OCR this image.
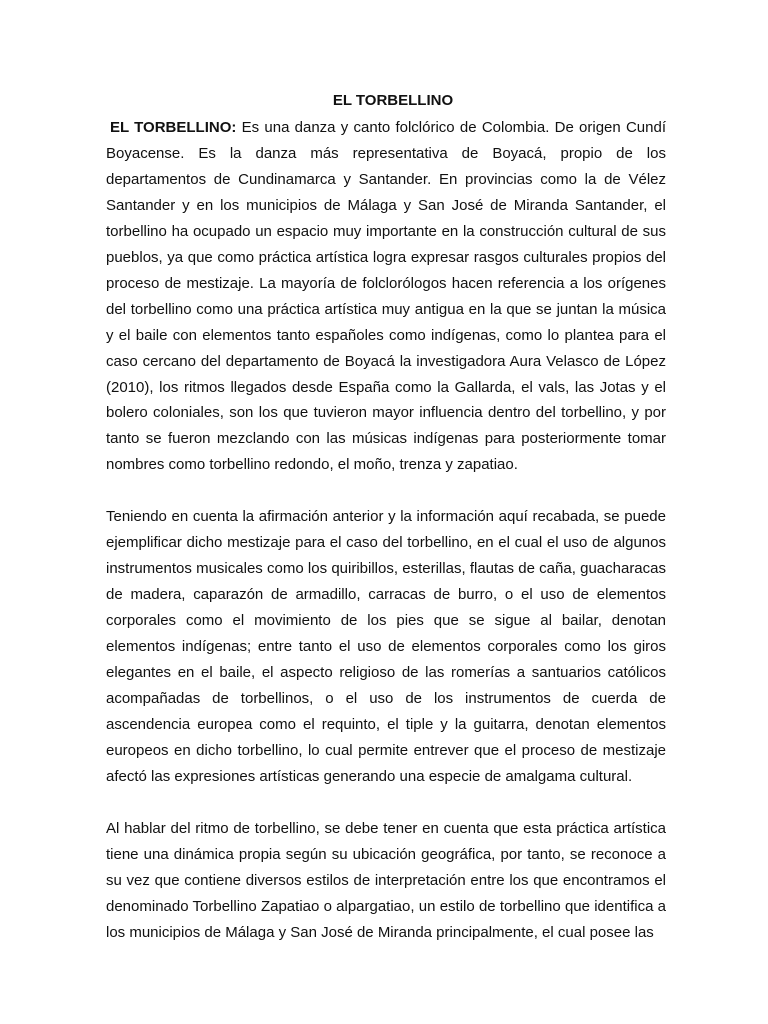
EL TORBELLINO

EL TORBELLINO: Es una danza y canto folclórico de Colombia. De origen Cundí Boyacense. Es la danza más representativa de Boyacá, propio de los departamentos de Cundinamarca y Santander. En provincias como la de Vélez Santander y en los municipios de Málaga y San José de Miranda Santander, el torbellino ha ocupado un espacio muy importante en la construcción cultural de sus pueblos, ya que como práctica artística logra expresar rasgos culturales propios del proceso de mestizaje. La mayoría de folclorólogos hacen referencia a los orígenes del torbellino como una práctica artística muy antigua en la que se juntan la música y el baile con elementos tanto españoles como indígenas, como lo plantea para el caso cercano del departamento de Boyacá la investigadora Aura Velasco de López (2010), los ritmos llegados desde España como la Gallarda, el vals, las Jotas y el bolero coloniales, son los que tuvieron mayor influencia dentro del torbellino, y por tanto se fueron mezclando con las músicas indígenas para posteriormente tomar nombres como torbellino redondo, el moño, trenza y zapatiao.

Teniendo en cuenta la afirmación anterior y la información aquí recabada, se puede ejemplificar dicho mestizaje para el caso del torbellino, en el cual el uso de algunos instrumentos musicales como los quiribillos, esterillas, flautas de caña, guacharacas de madera, caparazón de armadillo, carracas de burro, o el uso de elementos corporales como el movimiento de los pies que se sigue al bailar, denotan elementos indígenas; entre tanto el uso de elementos corporales como los giros elegantes en el baile, el aspecto religioso de las romerías a santuarios católicos acompañadas de torbellinos, o el uso de los instrumentos de cuerda de ascendencia europea como el requinto, el tiple y la guitarra, denotan elementos europeos en dicho torbellino, lo cual permite entrever que el proceso de mestizaje afectó las expresiones artísticas generando una especie de amalgama cultural.

Al hablar del ritmo de torbellino, se debe tener en cuenta que esta práctica artística tiene una dinámica propia según su ubicación geográfica, por tanto, se reconoce a su vez que contiene diversos estilos de interpretación entre los que encontramos el denominado Torbellino Zapatiao o alpargatiao, un estilo de torbellino que identifica a los municipios de Málaga y San José de Miranda principalmente, el cual posee las
